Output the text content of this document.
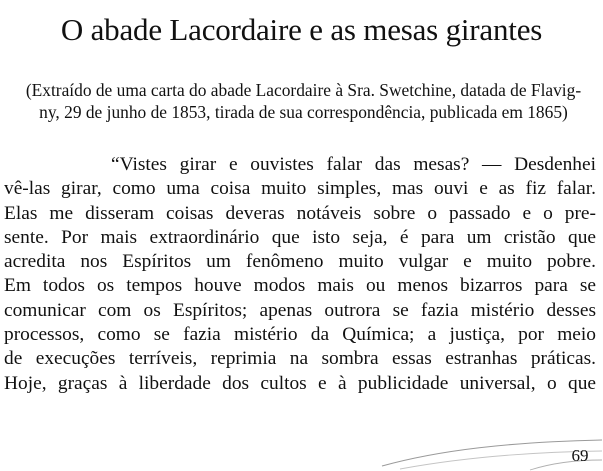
O abade Lacordaire e as mesas girantes
(Extraído de uma carta do abade Lacordaire à Sra. Swetchine, datada de Flavig-
ny, 29 de junho de 1853, tirada de sua correspondência, publicada em 1865)
“Vistes girar e ouvistes falar das mesas? — Desdenhei
vê-las girar, como uma coisa muito simples, mas ouvi e as fiz falar.
Elas me disseram coisas deveras notáveis sobre o passado e o pre-
sente. Por mais extraordinário que isto seja, é para um cristão que
acredita nos Espíritos um fenômeno muito vulgar e muito pobre.
Em todos os tempos houve modos mais ou menos bizarros para se
comunicar com os Espíritos; apenas outrora se fazia mistério desses
processos, como se fazia mistério da Química; a justiça, por meio
de execuções terríveis, reprimia na sombra essas estranhas práticas.
Hoje, graças à liberdade dos cultos e à publicidade universal, o que
69
